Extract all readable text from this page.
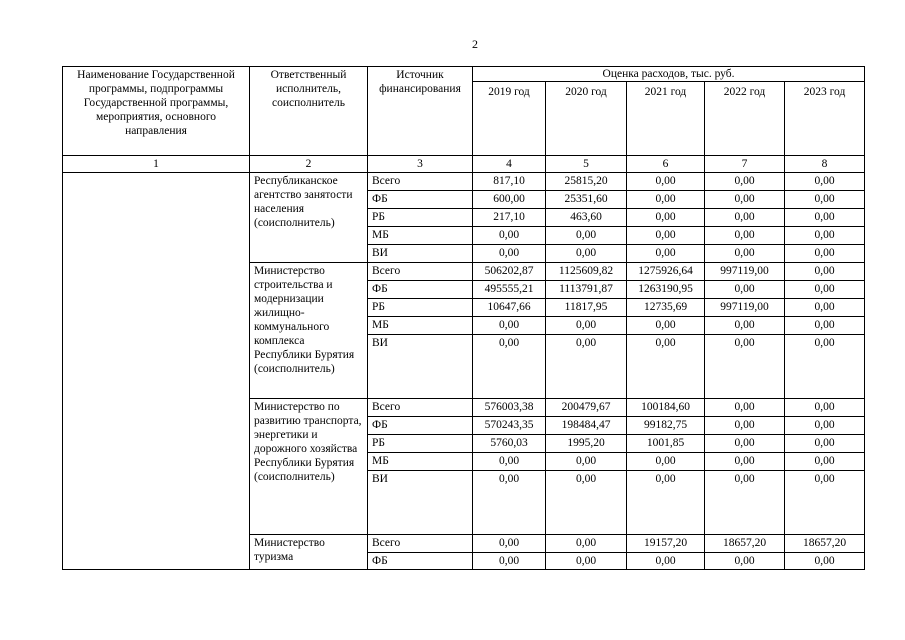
2
Наименование Государственной программы, подпрограммы Государственной программы, мероприятия, основного направления	Ответственный исполнитель, соисполнитель	Источник финансирования	Оценка расходов, тыс. руб.				
			2019 год	2020 год	2021 год	2022 год	2023 год
1	2	3	4	5	6	7	8
	Республиканское агентство занятости населения (соисполнитель)	Всего	817,10	25815,20	0,00	0,00	0,00
		ФБ	600,00	25351,60	0,00	0,00	0,00
		РБ	217,10	463,60	0,00	0,00	0,00
		МБ	0,00	0,00	0,00	0,00	0,00
		ВИ	0,00	0,00	0,00	0,00	0,00
	Министерство строительства и модернизации жилищно-коммунального комплекса Республики Бурятия (соисполнитель)	Всего	506202,87	1125609,82	1275926,64	997119,00	0,00
		ФБ	495555,21	1113791,87	1263190,95	0,00	0,00
		РБ	10647,66	11817,95	12735,69	997119,00	0,00
		МБ	0,00	0,00	0,00	0,00	0,00
		ВИ	0,00	0,00	0,00	0,00	0,00
	Министерство по развитию транспорта, энергетики и дорожного хозяйства Республики Бурятия (соисполнитель)	Всего	576003,38	200479,67	100184,60	0,00	0,00
		ФБ	570243,35	198484,47	99182,75	0,00	0,00
		РБ	5760,03	1995,20	1001,85	0,00	0,00
		МБ	0,00	0,00	0,00	0,00	0,00
		ВИ	0,00	0,00	0,00	0,00	0,00
	Министерство туризма	Всего	0,00	0,00	19157,20	18657,20	18657,20
		ФБ	0,00	0,00	0,00	0,00	0,00
